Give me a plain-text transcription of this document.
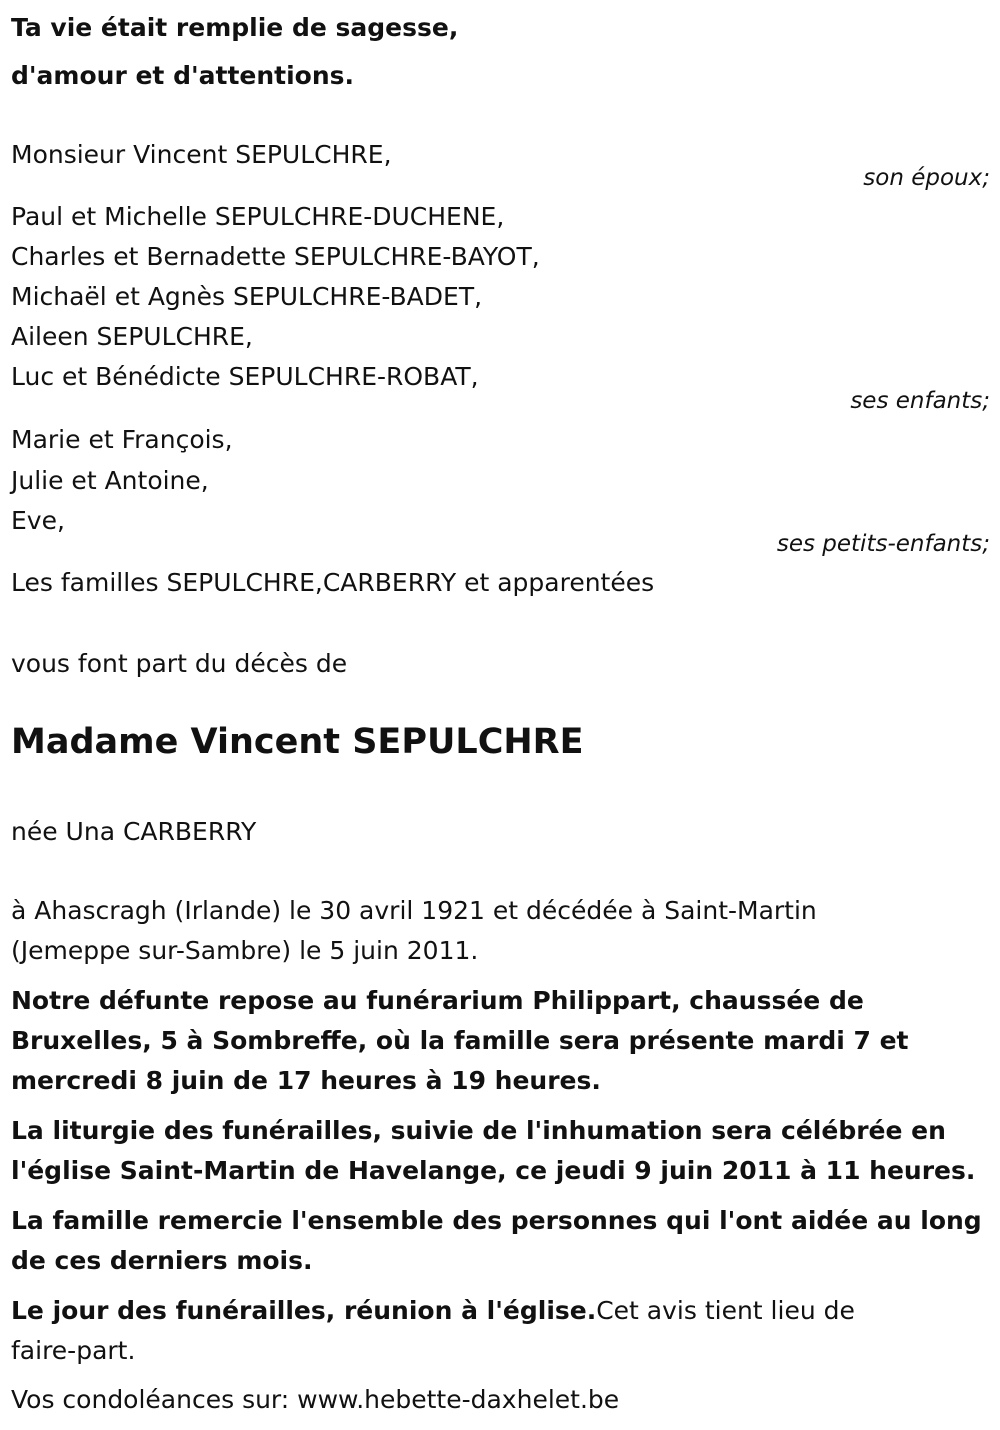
Ta vie était remplie de sagesse,
d'amour et d'attentions.
Monsieur Vincent SEPULCHRE,
son époux;
Paul et Michelle SEPULCHRE-DUCHENE,
Charles et Bernadette SEPULCHRE-BAYOT,
Michaël et Agnès SEPULCHRE-BADET,
Aileen SEPULCHRE,
Luc et Bénédicte SEPULCHRE-ROBAT,
ses enfants;
Marie et François,
Julie et Antoine,
Eve,
ses petits-enfants;
Les familles SEPULCHRE,CARBERRY et apparentées
vous font part du décès de
Madame Vincent SEPULCHRE
née Una CARBERRY
à Ahascragh (Irlande) le 30 avril 1921 et décédée à Saint-Martin
(Jemeppe sur-Sambre) le 5 juin 2011.
Notre défunte repose au funérarium Philippart, chaussée de
Bruxelles, 5 à Sombreffe, où la famille sera présente mardi 7 et
mercredi 8 juin de 17 heures à 19 heures.
La liturgie des funérailles, suivie de l'inhumation sera célébrée en
l'église Saint-Martin de Havelange, ce jeudi 9 juin 2011 à 11 heures.
La famille remercie l'ensemble des personnes qui l'ont aidée au long
de ces derniers mois.
Le jour des funérailles, réunion à l'église.Cet avis tient lieu de
faire-part.
Vos condoléances sur: www.hebette-daxhelet.be
